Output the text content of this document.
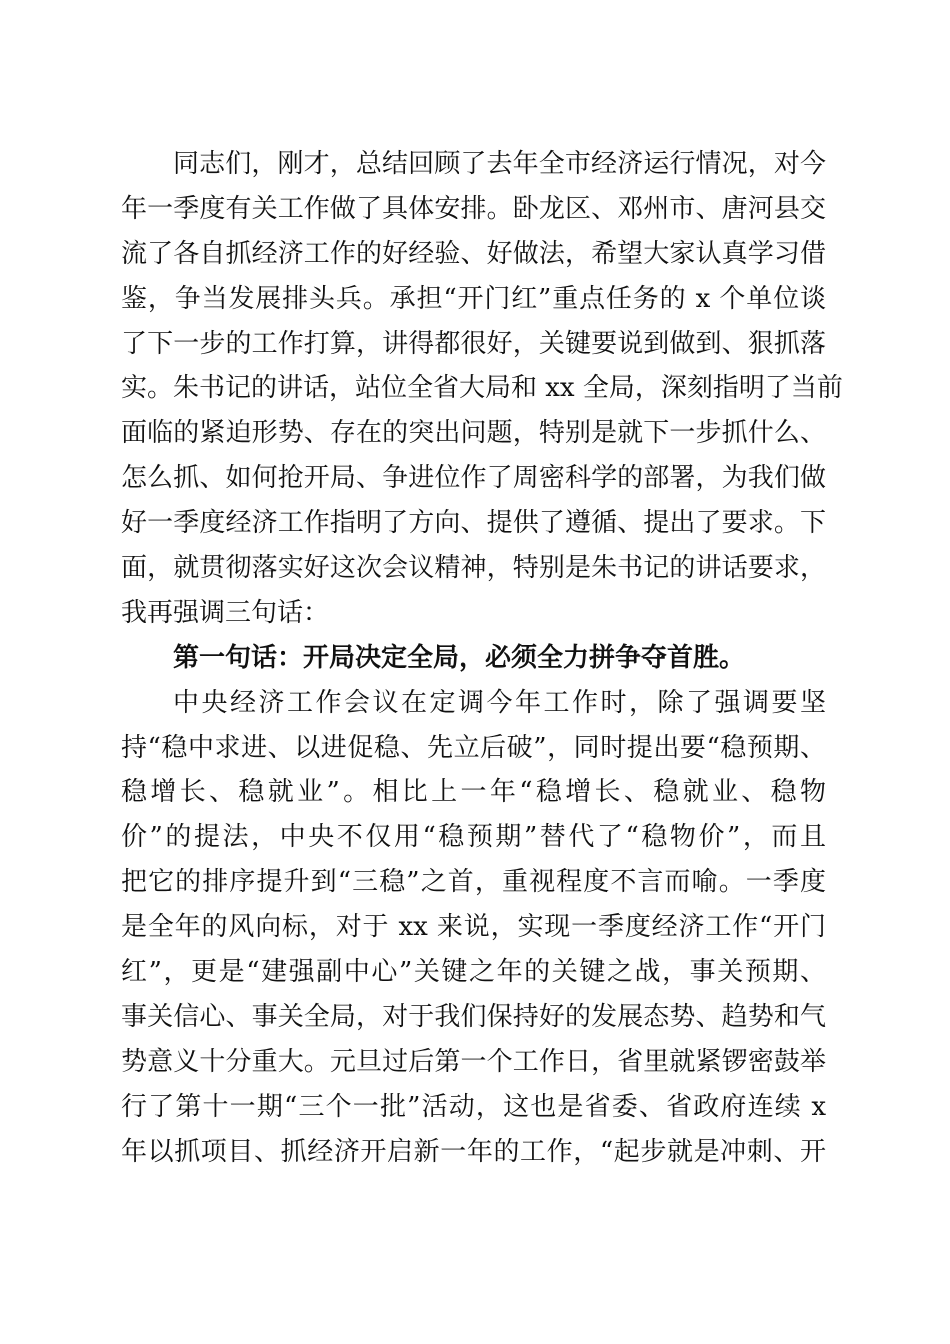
同志们，刚才，总结回顾了去年全市经济运行情况，对今
年一季度有关工作做了具体安排。卧龙区、邓州市、唐河县交
流了各自抓经济工作的好经验、好做法，希望大家认真学习借
鉴，争当发展排头兵。承担“开门红”重点任务的 x 个单位谈
了下一步的工作打算，讲得都很好，关键要说到做到、狠抓落
实。朱书记的讲话，站位全省大局和 xx 全局，深刻指明了当前
面临的紧迫形势、存在的突出问题，特别是就下一步抓什么、
怎么抓、如何抢开局、争进位作了周密科学的部署，为我们做
好一季度经济工作指明了方向、提供了遵循、提出了要求。下
面，就贯彻落实好这次会议精神，特别是朱书记的讲话要求，
我再强调三句话：
第一句话：开局决定全局，必须全力拼争夺首胜。
中央经济工作会议在定调今年工作时，除了强调要坚
持“稳中求进、以进促稳、先立后破”，同时提出要“稳预期、
稳增长、稳就业”。相比上一年“稳增长、稳就业、稳物
价”的提法，中央不仅用“稳预期”替代了“稳物价”，而且
把它的排序提升到“三稳”之首，重视程度不言而喻。一季度
是全年的风向标，对于 xx 来说，实现一季度经济工作“开门
红”，更是“建强副中心”关键之年的关键之战，事关预期、
事关信心、事关全局，对于我们保持好的发展态势、趋势和气
势意义十分重大。元旦过后第一个工作日，省里就紧锣密鼓举
行了第十一期“三个一批”活动，这也是省委、省政府连续 x
年以抓项目、抓经济开启新一年的工作，“起步就是冲刺、开
